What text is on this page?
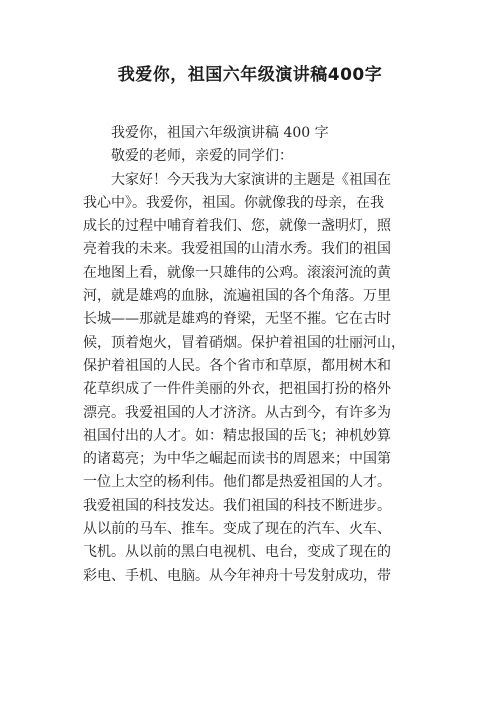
我爱你，祖国六年级演讲稿400字
我爱你，祖国六年级演讲稿 400 字
敬爱的老师，亲爱的同学们：
大家好！今天我为大家演讲的主题是《祖国在
我心中》。我爱你，祖国。你就像我的母亲，在我
成长的过程中哺育着我们、您，就像一盏明灯，照
亮着我的未来。我爱祖国的山清水秀。我们的祖国
在地图上看，就像一只雄伟的公鸡。滚滚河流的黄
河，就是雄鸡的血脉，流遍祖国的各个角落。万里
长城——那就是雄鸡的脊梁，无坚不摧。它在古时
候，顶着炮火，冒着硝烟。保护着祖国的壮丽河山，
保护着祖国的人民。各个省市和草原，都用树木和
花草织成了一件件美丽的外衣，把祖国打扮的格外
漂亮。我爱祖国的人才济济。从古到今，有许多为
祖国付出的人才。如：精忠报国的岳飞；神机妙算
的诸葛亮；为中华之崛起而读书的周恩来；中国第
一位上太空的杨利伟。他们都是热爱祖国的人才。
我爱祖国的科技发达。我们祖国的科技不断进步。
从以前的马车、推车。变成了现在的汽车、火车、
飞机。从以前的黑白电视机、电台，变成了现在的
彩电、手机、电脑。从今年神舟十号发射成功，带
